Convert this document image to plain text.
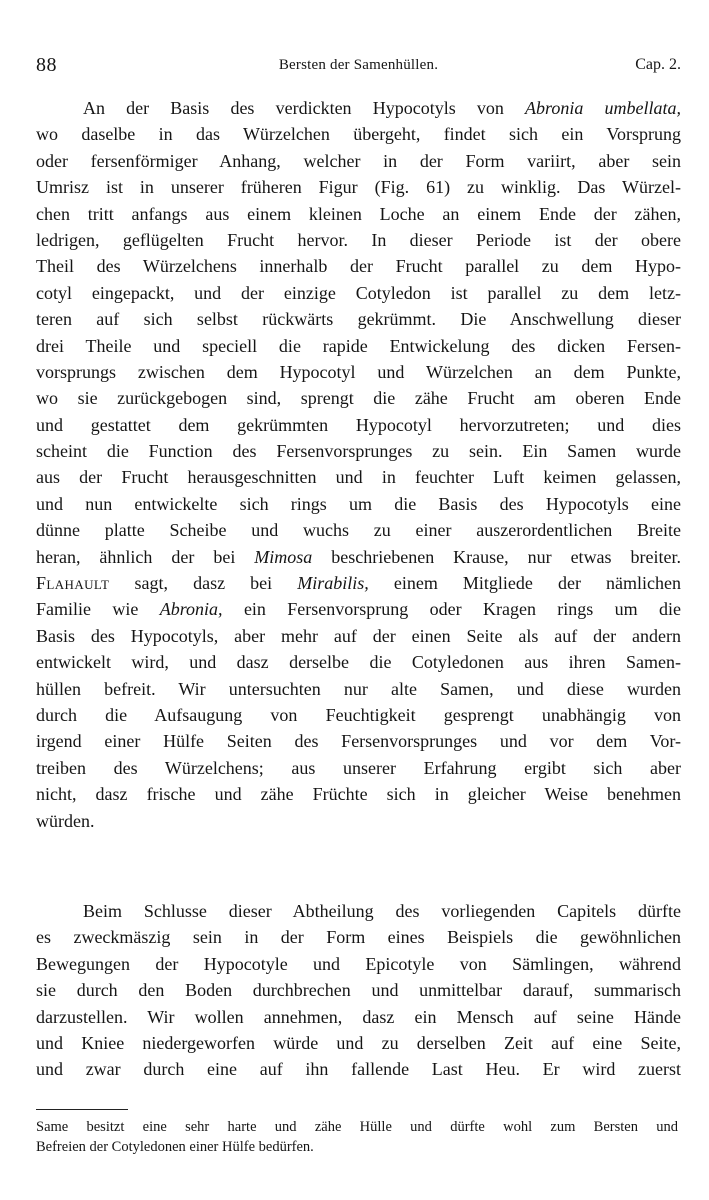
88	Bersten der Samenhüllen.	Cap. 2.
An der Basis des verdickten Hypocotyls von Abronia umbellata,
wo daselbe in das Würzelchen übergeht, findet sich ein Vorsprung
oder fersenförmiger Anhang, welcher in der Form variirt, aber sein
Umrisz ist in unserer früheren Figur (Fig. 61) zu winklig. Das Würzel-
chen tritt anfangs aus einem kleinen Loche an einem Ende der zähen,
ledrigen, geflügelten Frucht hervor. In dieser Periode ist der obere
Theil des Würzelchens innerhalb der Frucht parallel zu dem Hypo-
cotyl eingepackt, und der einzige Cotyledon ist parallel zu dem letz-
teren auf sich selbst rückwärts gekrümmt. Die Anschwellung dieser
drei Theile und speciell die rapide Entwickelung des dicken Fersen-
vorsprungs zwischen dem Hypocotyl und Würzelchen an dem Punkte,
wo sie zurückgebogen sind, sprengt die zähe Frucht am oberen Ende
und gestattet dem gekrümmten Hypocotyl hervorzutreten; und dies
scheint die Function des Fersenvorsprunges zu sein. Ein Samen wurde
aus der Frucht herausgeschnitten und in feuchter Luft keimen gelassen,
und nun entwickelte sich rings um die Basis des Hypocotyls eine
dünne platte Scheibe und wuchs zu einer auszerordentlichen Breite
heran, ähnlich der bei Mimosa beschriebenen Krause, nur etwas breiter.
Flahault sagt, dasz bei Mirabilis, einem Mitgliede der nämlichen
Familie wie Abronia, ein Fersenvorsprung oder Kragen rings um die
Basis des Hypocotyls, aber mehr auf der einen Seite als auf der andern
entwickelt wird, und dasz derselbe die Cotyledonen aus ihren Samen-
hüllen befreit. Wir untersuchten nur alte Samen, und diese wurden
durch die Aufsaugung von Feuchtigkeit gesprengt unabhängig von
irgend einer Hülfe Seiten des Fersenvorsprunges und vor dem Vor-
treiben des Würzelchens; aus unserer Erfahrung ergibt sich aber
nicht, dasz frische und zähe Früchte sich in gleicher Weise benehmen
würden.
Beim Schlusse dieser Abtheilung des vorliegenden Capitels dürfte
es zweckmäszig sein in der Form eines Beispiels die gewöhnlichen
Bewegungen der Hypocotyle und Epicotyle von Sämlingen, während
sie durch den Boden durchbrechen und unmittelbar darauf, summarisch
darzustellen. Wir wollen annehmen, dasz ein Mensch auf seine Hände
und Kniee niedergeworfen würde und zu derselben Zeit auf eine Seite,
und zwar durch eine auf ihn fallende Last Heu. Er wird zuerst
Same besitzt eine sehr harte und zähe Hülle und dürfte wohl zum Bersten und
Befreien der Cotyledonen einer Hülfe bedürfen.
